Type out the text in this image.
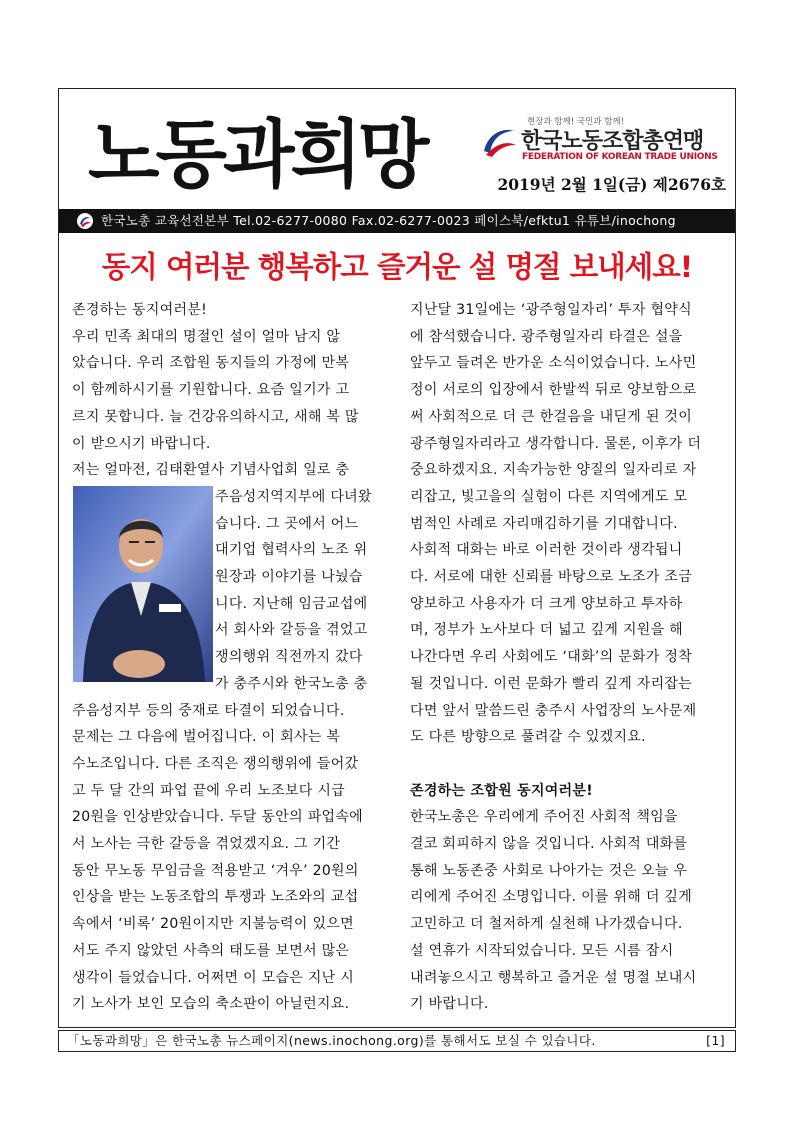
노동과희망	현장과 함께! 국민과 함께!
한국노동조합총연맹
FEDERATION OF KOREAN TRADE UNIONS
2019년 2월 1일(금) 제2676호
한국노총 교육선전본부 Tel.02-6277-0080 Fax.02-6277-0023 페이스북/efktu1 유튜브/inochong
동지 여러분 행복하고 즐거운 설 명절 보내세요!

존경하는 동지여러분!

우리 민족 최대의 명절인 설이 얼마 남지 않

았습니다. 우리 조합원 동지들의 가정에 만복

이 함께하시기를 기원합니다. 요즘 일기가 고

르지 못합니다. 늘 건강유의하시고, 새해 복 많

이 받으시기 바랍니다.

저는 얼마전, 김태환열사 기념사업회 일로 충

주음성지역지부에 다녀왔

습니다. 그 곳에서 어느

대기업 협력사의 노조 위

원장과 이야기를 나눴습

니다. 지난해 임금교섭에

서 회사와 갈등을 겪었고

쟁의행위 직전까지 갔다

가 충주시와 한국노총 충

주음성지부 등의 중재로 타결이 되었습니다.

문제는 그 다음에 벌어집니다. 이 회사는 복

수노조입니다. 다른 조직은 쟁의행위에 들어갔

고 두 달 간의 파업 끝에 우리 노조보다 시급

20원을 인상받았습니다. 두달 동안의 파업속에

서 노사는 극한 갈등을 겪었겠지요. 그 기간

동안 무노동 무임금을 적용받고 ‘겨우’ 20원의

인상을 받는 노동조합의 투쟁과 노조와의 교섭

속에서 ‘비록’ 20원이지만 지불능력이 있으면

서도 주지 않았던 사측의 태도를 보면서 많은

생각이 들었습니다. 어쩌면 이 모습은 지난 시

기 노사가 보인 모습의 축소판이 아닐런지요.

지난달 31일에는 ‘광주형일자리’ 투자 협약식

에 참석했습니다. 광주형일자리 타결은 설을

앞두고 들려온 반가운 소식이었습니다. 노사민

정이 서로의 입장에서 한발씩 뒤로 양보함으로

써 사회적으로 더 큰 한걸음을 내딛게 된 것이

광주형일자리라고 생각합니다. 물론, 이후가 더

중요하겠지요. 지속가능한 양질의 일자리로 자

리잡고, 빛고을의 실험이 다른 지역에게도 모

범적인 사례로 자리매김하기를 기대합니다.

사회적 대화는 바로 이러한 것이라 생각됩니

다. 서로에 대한 신뢰를 바탕으로 노조가 조금

양보하고 사용자가 더 크게 양보하고 투자하

며, 정부가 노사보다 더 넓고 깊게 지원을 해

나간다면 우리 사회에도 ‘대화’의 문화가 정착

될 것입니다. 이런 문화가 빨리 깊게 자리잡는

다면 앞서 말씀드린 충주시 사업장의 노사문제

도 다른 방향으로 풀려갈 수 있겠지요.

존경하는 조합원 동지여러분!

한국노총은 우리에게 주어진 사회적 책임을

결코 회피하지 않을 것입니다. 사회적 대화를

통해 노동존중 사회로 나아가는 것은 오늘 우

리에게 주어진 소명입니다. 이를 위해 더 깊게

고민하고 더 철저하게 실천해 나가겠습니다.

설 연휴가 시작되었습니다. 모든 시름 잠시

내려놓으시고 행복하고 즐거운 설 명절 보내시

기 바랍니다.

「노동과희망」은 한국노총 뉴스페이지(news.inochong.org)를 통해서도 보실 수 있습니다.	[1]
